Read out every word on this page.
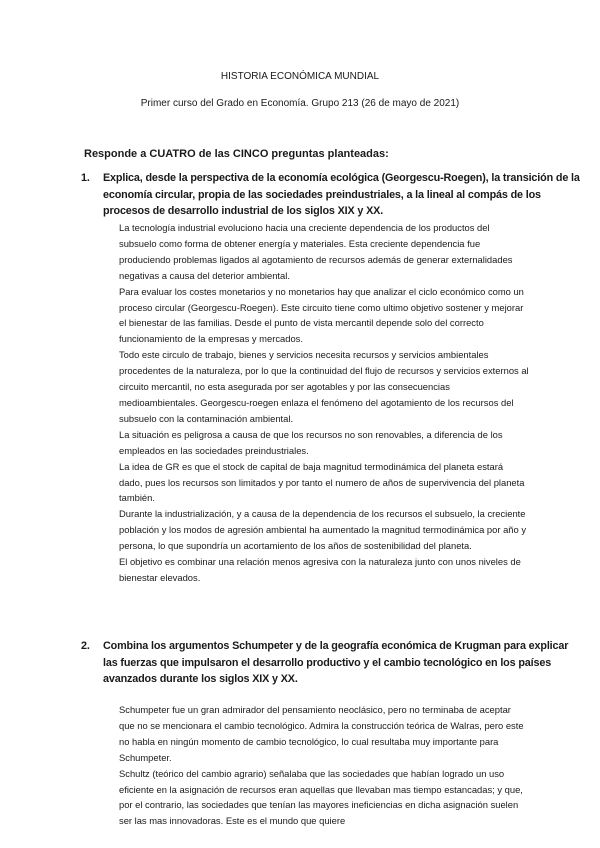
HISTORIA ECONÓMICA MUNDIAL
Primer curso del Grado en Economía. Grupo 213 (26 de mayo de 2021)
Responde a CUATRO de las CINCO preguntas planteadas:
1. Explica, desde la perspectiva de la economía ecológica (Georgescu-Roegen), la transición de la economía circular, propia de las sociedades preindustriales, a la lineal al compás de los procesos de desarrollo industrial de los siglos XIX y XX.

La tecnología industrial evoluciono hacia una creciente dependencia de los productos del subsuelo como forma de obtener energía y materiales. Esta creciente dependencia fue produciendo problemas ligados al agotamiento de recursos además de generar externalidades negativas a causa del deterior ambiental.

Para evaluar los costes monetarios y no monetarios hay que analizar el ciclo económico como un proceso circular (Georgescu-Roegen). Este circuito tiene como ultimo objetivo sostener y mejorar el bienestar de las familias. Desde el punto de vista mercantil depende solo del correcto funcionamiento de la empresas y mercados.

Todo este circulo de trabajo, bienes y servicios necesita recursos y servicios ambientales procedentes de la naturaleza, por lo que la continuidad del flujo de recursos y servicios externos al circuito mercantil, no esta asegurada por ser agotables y por las consecuencias medioambientales. Georgescu-roegen enlaza el fenómeno del agotamiento de los recursos del subsuelo con la contaminación ambiental.

La situación es peligrosa a causa de que los recursos no son renovables, a diferencia de los empleados en las sociedades preindustriales.

La idea de GR es que el stock de capital de baja magnitud termodinámica del planeta estará dado, pues los recursos son limitados y por tanto el numero de años de supervivencia del planeta también.

Durante la industrialización, y a causa de la dependencia de los recursos el subsuelo, la creciente población y los modos de agresión ambiental ha aumentado la magnitud termodinámica por año y persona, lo que supondría un acortamiento de los años de sostenibilidad del planeta.

El objetivo es combinar una relación menos agresiva con la naturaleza junto con unos niveles de bienestar elevados.

2. Combina los argumentos Schumpeter y de la geografía económica de Krugman para explicar las fuerzas que impulsaron el desarrollo productivo y el cambio tecnológico en los países avanzados durante los siglos XIX y XX.

Schumpeter fue un gran admirador del pensamiento neoclásico, pero no terminaba de aceptar que no se mencionara el cambio tecnológico. Admira la construcción teórica de Walras, pero este no habla en ningún momento de cambio tecnológico, lo cual resultaba muy importante para Schumpeter.

Schultz (teórico del cambio agrario) señalaba que las sociedades que habían logrado un uso eficiente en la asignación de recursos eran aquellas que llevaban mas tiempo estancadas; y que, por el contrario, las sociedades que tenían las mayores ineficiencias en dicha asignación suelen ser las mas innovadoras. Este es el mundo que quiere
